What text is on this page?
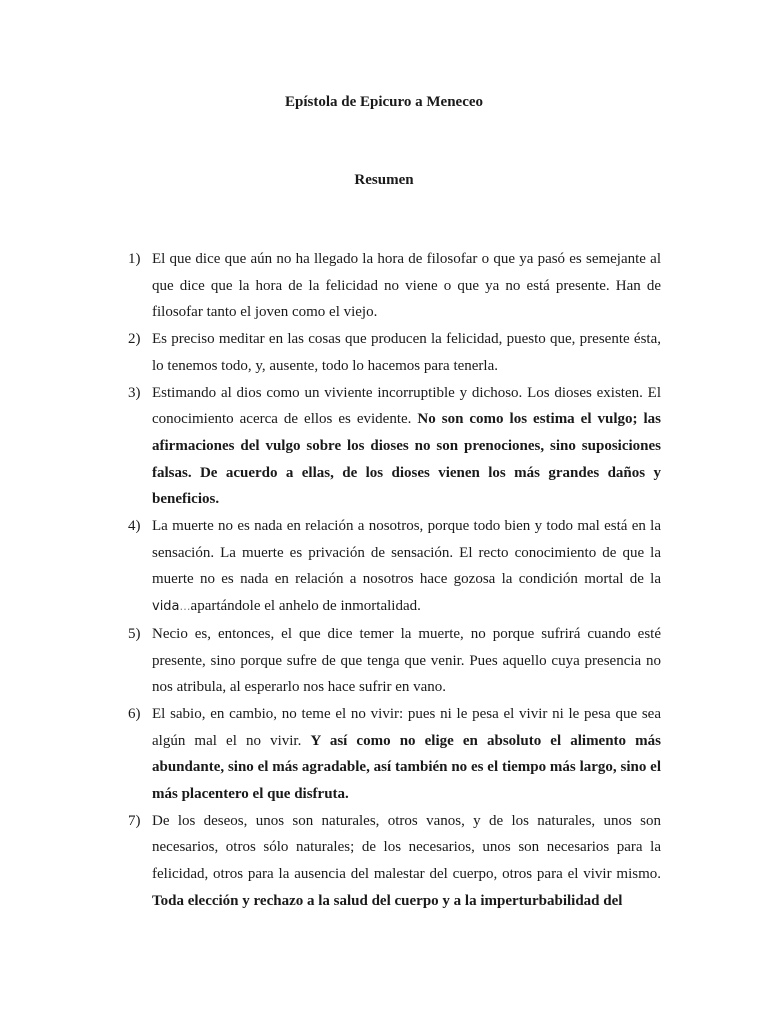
Epístola de Epicuro a Meneceo
Resumen
1) El que dice que aún no ha llegado la hora de filosofar o que ya pasó es semejante al que dice que la hora de la felicidad no viene o que ya no está presente. Han de filosofar tanto el joven como el viejo.

2) Es preciso meditar en las cosas que producen la felicidad, puesto que, presente ésta, lo tenemos todo, y, ausente, todo lo hacemos para tenerla.

3) Estimando al dios como un viviente incorruptible y dichoso. Los dioses existen. El conocimiento acerca de ellos es evidente. No son como los estima el vulgo; las afirmaciones del vulgo sobre los dioses no son prenociones, sino suposiciones falsas. De acuerdo a ellas, de los dioses vienen los más grandes daños y beneficios.

4) La muerte no es nada en relación a nosotros, porque todo bien y todo mal está en la sensación. La muerte es privación de sensación. El recto conocimiento de que la muerte no es nada en relación a nosotros hace gozosa la condición mortal de la vida…apartándole el anhelo de inmortalidad.

5) Necio es, entonces, el que dice temer la muerte, no porque sufrirá cuando esté presente, sino porque sufre de que tenga que venir. Pues aquello cuya presencia no nos atribula, al esperarlo nos hace sufrir en vano.

6) El sabio, en cambio, no teme el no vivir: pues ni le pesa el vivir ni le pesa que sea algún mal el no vivir. Y así como no elige en absoluto el alimento más abundante, sino el más agradable, así también no es el tiempo más largo, sino el más placentero el que disfruta.

7) De los deseos, unos son naturales, otros vanos, y de los naturales, unos son necesarios, otros sólo naturales; de los necesarios, unos son necesarios para la felicidad, otros para la ausencia del malestar del cuerpo, otros para el vivir mismo. Toda elección y rechazo a la salud del cuerpo y a la imperturbabilidad del
